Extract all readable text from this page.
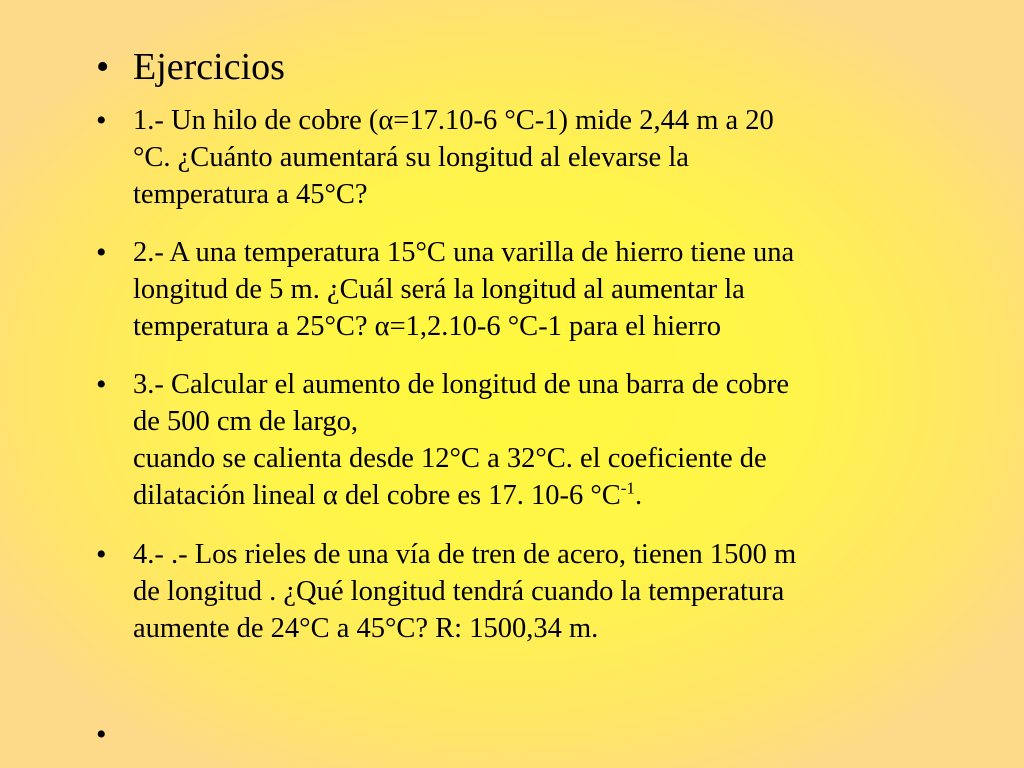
• Ejercicios
• 1.- Un hilo de cobre (α=17.10-6 °C-1) mide 2,44 m a 20
°C. ¿Cuánto aumentará su longitud al elevarse la
temperatura a 45°C?
• 2.- A una temperatura 15°C una varilla de hierro tiene una
longitud de 5 m. ¿Cuál será la longitud al aumentar la
temperatura a 25°C? α=1,2.10-6 °C-1 para el hierro
• 3.- Calcular el aumento de longitud de una barra de cobre
de 500 cm de largo,
cuando se calienta desde 12°C a 32°C. el coeficiente de
dilatación lineal α del cobre es 17. 10-6 $^\circ C^{-1}$.
• 4.- .- Los rieles de una vía de tren de acero, tienen 1500 m
de longitud . ¿Qué longitud tendrá cuando la temperatura
aumente de 24°C a 45°C? R: 1500,34 m.
•
